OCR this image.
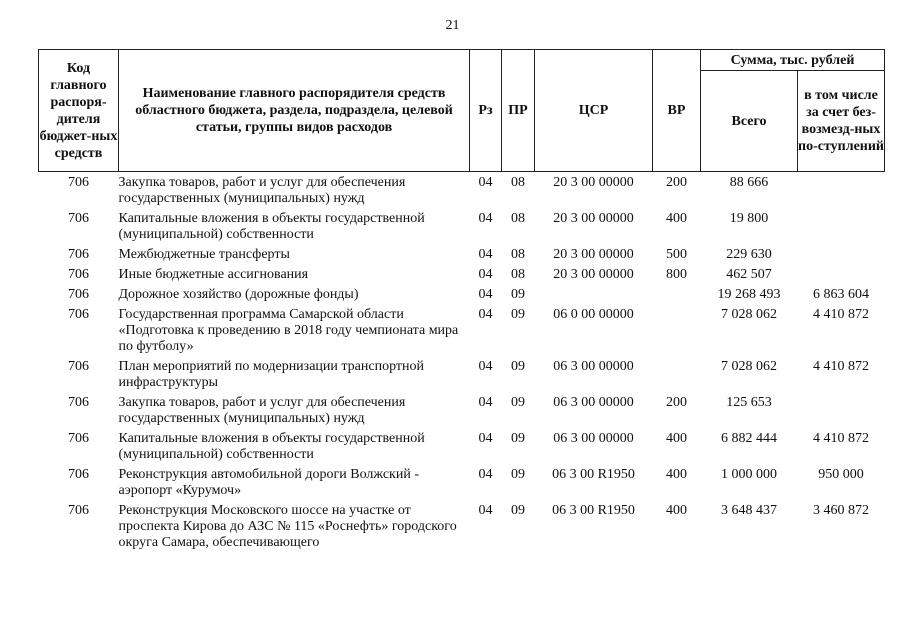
21
Код главного распоря-дителя бюджет-ных средств	Наименование главного распорядителя средств областного бюджета, раздела, подраздела, целевой статьи, группы видов расходов	Рз	ПР	ЦСР	ВР	Сумма, тыс. рублей	
						Всего	в том числе за счет без-возмезд-ных по-ступлений
706	Закупка товаров, работ и услуг для обеспечения государственных (муниципальных) нужд	04	08	20 3 00 00000	200	88 666	
706	Капитальные вложения в объекты государственной (муниципальной) собственности	04	08	20 3 00 00000	400	19 800	
706	Межбюджетные трансферты	04	08	20 3 00 00000	500	229 630	
706	Иные бюджетные ассигнования	04	08	20 3 00 00000	800	462 507	
706	Дорожное хозяйство (дорожные фонды)	04	09			19 268 493	6 863 604
706	Государственная программа Самарской области «Подготовка к проведению в 2018 году чемпионата мира по футболу»	04	09	06 0 00 00000		7 028 062	4 410 872
706	План мероприятий по модернизации транспортной инфраструктуры	04	09	06 3 00 00000		7 028 062	4 410 872
706	Закупка товаров, работ и услуг для обеспечения государственных (муниципальных) нужд	04	09	06 3 00 00000	200	125 653	
706	Капитальные вложения в объекты государственной (муниципальной) собственности	04	09	06 3 00 00000	400	6 882 444	4 410 872
706	Реконструкция автомобильной дороги Волжский - аэропорт «Курумоч»	04	09	06 3 00 R1950	400	1 000 000	950 000
706	Реконструкция Московского шоссе на участке от проспекта Кирова до АЗС № 115 «Роснефть» городского округа Самара, обеспечивающего	04	09	06 3 00 R1950	400	3 648 437	3 460 872
